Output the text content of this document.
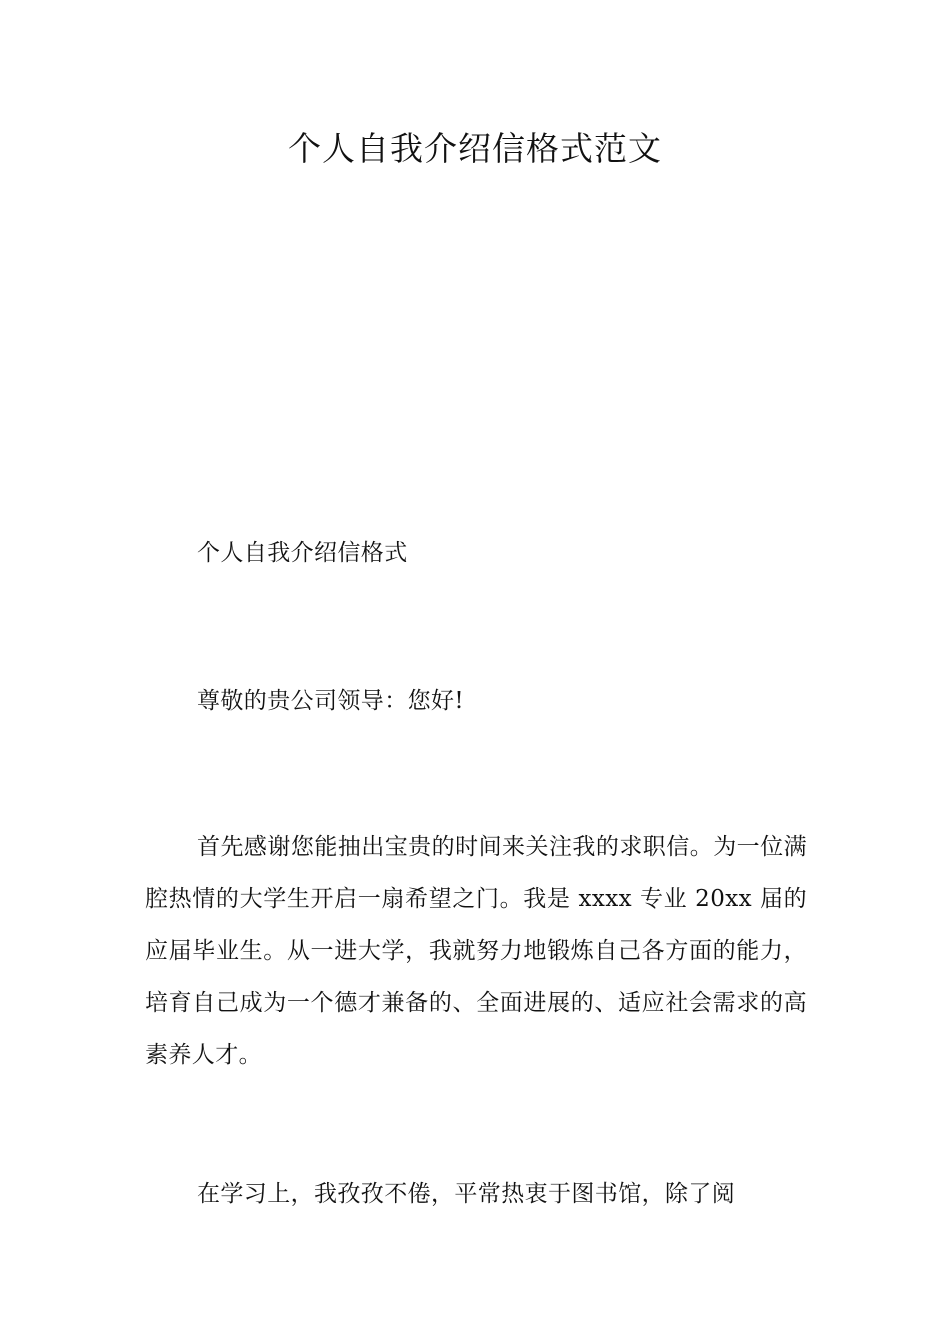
个人自我介绍信格式范文

个人自我介绍信格式

尊敬的贵公司领导：您好!

首先感谢您能抽出宝贵的时间来关注我的求职信。为一位满腔热情的大学生开启一扇希望之门。我是 xxxx 专业 20xx 届的应届毕业生。从一进大学，我就努力地锻炼自己各方面的能力，培育自己成为一个德才兼备的、全面进展的、适应社会需求的高素养人才。

在学习上，我孜孜不倦，平常热衷于图书馆，除了阅
